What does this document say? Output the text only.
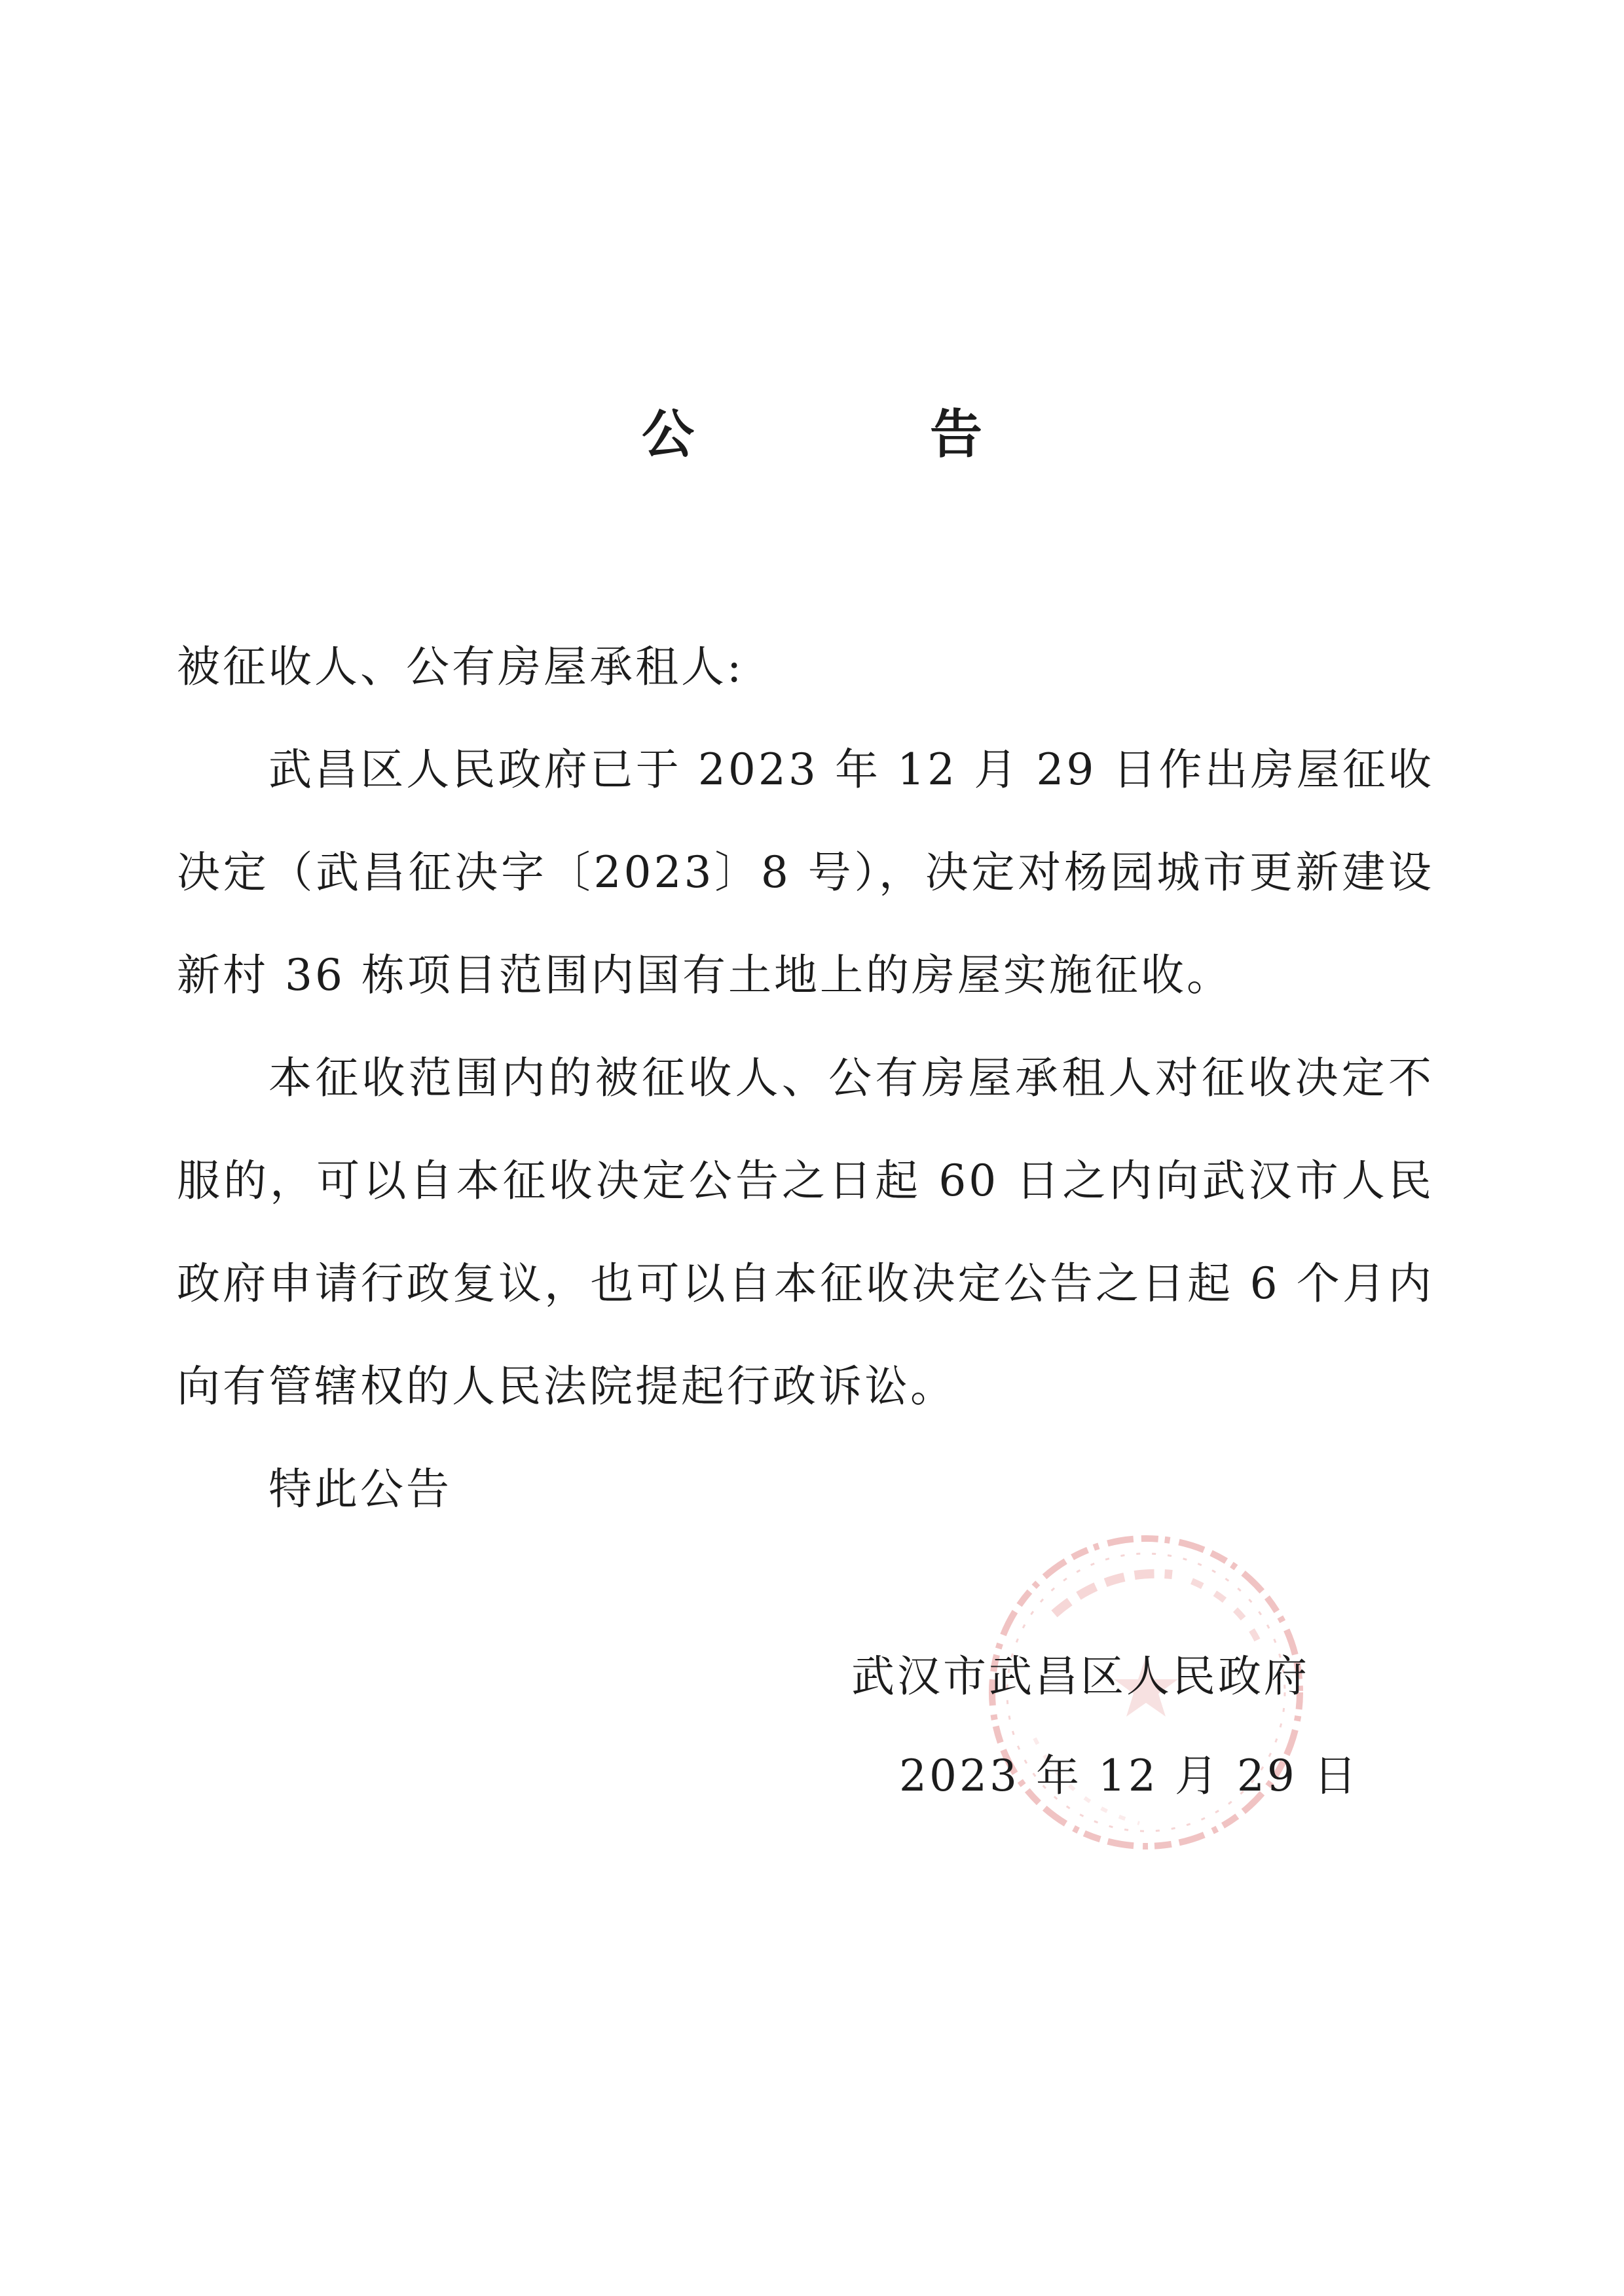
公　告

被征收人、公有房屋承租人:

武昌区人民政府已于 2023 年 12 月 29 日作出房屋征收决定（武昌征决字〔2023〕8 号），决定对杨园城市更新建设新村 36 栋项目范围内国有土地上的房屋实施征收。

本征收范围内的被征收人、公有房屋承租人对征收决定不服的，可以自本征收决定公告之日起 60 日之内向武汉市人民政府申请行政复议，也可以自本征收决定公告之日起 6 个月内向有管辖权的人民法院提起行政诉讼。

特此公告

武汉市武昌区人民政府
2023 年 12 月 29 日
